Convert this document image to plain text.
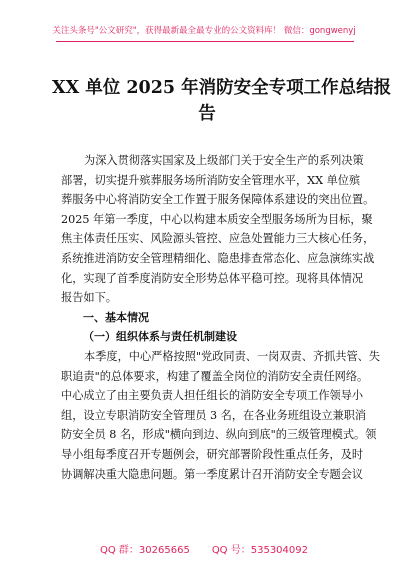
关注头条号"公文研究"，获得最新最全最专业的公文资料库！ 微信：gongwenyj
XX 单位 2025 年消防安全专项工作总结报
告
为深入贯彻落实国家及上级部门关于安全生产的系列决策
部署，切实提升殡葬服务场所消防安全管理水平，XX 单位殡
葬服务中心将消防安全工作置于服务保障体系建设的突出位置。
2025 年第一季度，中心以构建本质安全型服务场所为目标，聚
焦主体责任压实、风险源头管控、应急处置能力三大核心任务，
系统推进消防安全管理精细化、隐患排查常态化、应急演练实战
化，实现了首季度消防安全形势总体平稳可控。现将具体情况
报告如下。
一、基本情况
（一）组织体系与责任机制建设
本季度，中心严格按照"党政同责、一岗双责、齐抓共管、失
职追责"的总体要求，构建了覆盖全岗位的消防安全责任网络。
中心成立了由主要负责人担任组长的消防安全专项工作领导小
组，设立专职消防安全管理员 3 名，在各业务班组设立兼职消
防安全员 8 名，形成"横向到边、纵向到底"的三级管理模式。领
导小组每季度召开专题例会，研究部署阶段性重点任务，及时
协调解决重大隐患问题。第一季度累计召开消防安全专题会议
QQ 群：30265665 QQ 号：535304092
